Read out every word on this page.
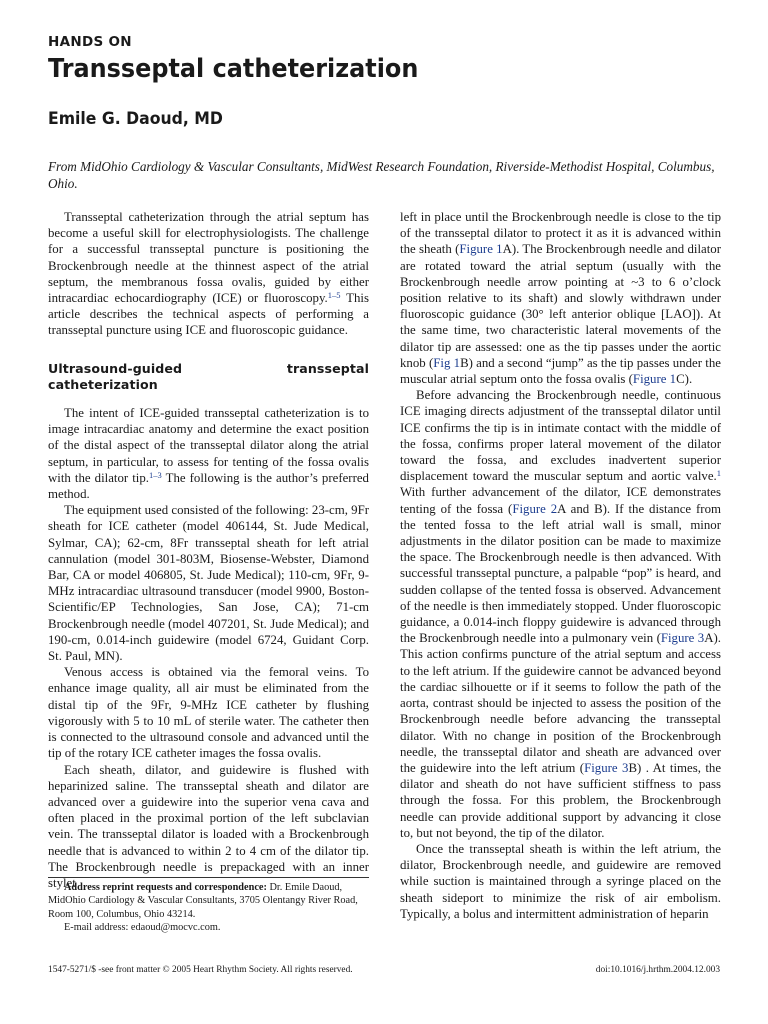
HANDS ON
Transseptal catheterization
Emile G. Daoud, MD
From MidOhio Cardiology & Vascular Consultants, MidWest Research Foundation, Riverside-Methodist Hospital, Columbus, Ohio.

Transseptal catheterization through the atrial septum has become a useful skill for electrophysiologists. The challenge for a successful transseptal puncture is positioning the Brockenbrough needle at the thinnest aspect of the atrial septum, the membranous fossa ovalis, guided by either intracardiac echocardiography (ICE) or fluoroscopy.$^{1-5}$ This article describes the technical aspects of performing a transseptal puncture using ICE and fluoroscopic guidance.

Ultrasound-guided transseptal catheterization

The intent of ICE-guided transseptal catheterization is to image intracardiac anatomy and determine the exact position of the distal aspect of the transseptal dilator along the atrial septum, in particular, to assess for tenting of the fossa ovalis with the dilator tip.$^{1-3}$ The following is the author’s preferred method.

The equipment used consisted of the following: 23-cm, 9Fr sheath for ICE catheter (model 406144, St. Jude Medical, Sylmar, CA); 62-cm, 8Fr transseptal sheath for left atrial cannulation (model 301-803M, Biosense-Webster, Diamond Bar, CA or model 406805, St. Jude Medical); 110-cm, 9Fr, 9-MHz intracardiac ultrasound transducer (model 9900, Boston-Scientific/EP Technologies, San Jose, CA); 71-cm Brockenbrough needle (model 407201, St. Jude Medical); and 190-cm, 0.014-inch guidewire (model 6724, Guidant Corp. St. Paul, MN).

Venous access is obtained via the femoral veins. To enhance image quality, all air must be eliminated from the distal tip of the 9Fr, 9-MHz ICE catheter by flushing vigorously with 5 to 10 mL of sterile water. The catheter then is connected to the ultrasound console and advanced until the tip of the rotary ICE catheter images the fossa ovalis.

Each sheath, dilator, and guidewire is flushed with heparinized saline. The transseptal sheath and dilator are advanced over a guidewire into the superior vena cava and often placed in the proximal portion of the left subclavian vein. The transseptal dilator is loaded with a Brockenbrough needle that is advanced to within 2 to 4 cm of the dilator tip. The Brockenbrough needle is prepackaged with an inner stylet

left in place until the Brockenbrough needle is close to the tip of the transseptal dilator to protect it as it is advanced within the sheath (Figure 1A). The Brockenbrough needle and dilator are rotated toward the atrial septum (usually with the Brockenbrough needle arrow pointing at ~3 to 6 o’clock position relative to its shaft) and slowly withdrawn under fluoroscopic guidance (30° left anterior oblique [LAO]). At the same time, two characteristic lateral movements of the dilator tip are assessed: one as the tip passes under the aortic knob (Fig 1B) and a second “jump” as the tip passes under the muscular atrial septum onto the fossa ovalis (Figure 1C).

Before advancing the Brockenbrough needle, continuous ICE imaging directs adjustment of the transseptal dilator until ICE confirms the tip is in intimate contact with the middle of the fossa, confirms proper lateral movement of the dilator toward the fossa, and excludes inadvertent superior displacement toward the muscular septum and aortic valve.$^1$ With further advancement of the dilator, ICE demonstrates tenting of the fossa (Figure 2A and B). If the distance from the tented fossa to the left atrial wall is small, minor adjustments in the dilator position can be made to maximize the space. The Brockenbrough needle is then advanced. With successful transseptal puncture, a palpable “pop” is heard, and sudden collapse of the tented fossa is observed. Advancement of the needle is then immediately stopped. Under fluoroscopic guidance, a 0.014-inch floppy guidewire is advanced through the Brockenbrough needle into a pulmonary vein (Figure 3A). This action confirms puncture of the atrial septum and access to the left atrium. If the guidewire cannot be advanced beyond the cardiac silhouette or if it seems to follow the path of the aorta, contrast should be injected to assess the position of the Brockenbrough needle before advancing the transseptal dilator. With no change in position of the Brockenbrough needle, the transseptal dilator and sheath are advanced over the guidewire into the left atrium (Figure 3B) . At times, the dilator and sheath do not have sufficient stiffness to pass through the fossa. For this problem, the Brockenbrough needle can provide additional support by advancing it close to, but not beyond, the tip of the dilator.

Once the transseptal sheath is within the left atrium, the dilator, Brockenbrough needle, and guidewire are removed while suction is maintained through a syringe placed on the sheath sideport to minimize the risk of air embolism. Typically, a bolus and intermittent administration of heparin

Address reprint requests and correspondence: Dr. Emile Daoud, MidOhio Cardiology & Vascular Consultants, 3705 Olentangy River Road, Room 100, Columbus, Ohio 43214.

E-mail address: edaoud@mocvc.com.

1547-5271/$ -see front matter © 2005 Heart Rhythm Society. All rights reserved.	doi:10.1016/j.hrthm.2004.12.003
